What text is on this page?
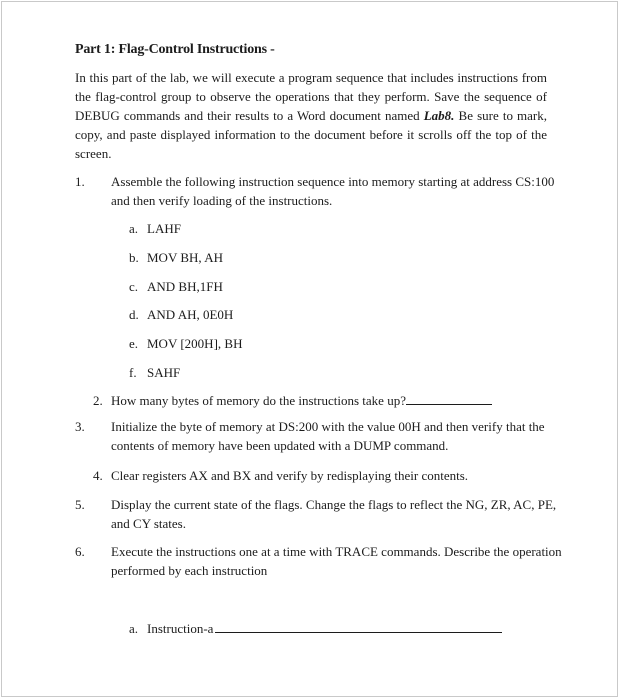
Part 1: Flag-Control Instructions -
In this part of the lab, we will execute a program sequence that includes instructions from the flag-control group to observe the operations that they perform. Save the sequence of DEBUG commands and their results to a Word document named Lab8. Be sure to mark, copy, and paste displayed information to the document before it scrolls off the top of the screen.
1. Assemble the following instruction sequence into memory starting at address CS:100 and then verify loading of the instructions.
a. LAHF
b. MOV BH, AH
c. AND BH,1FH
d. AND AH, 0E0H
e. MOV [200H], BH
f. SAHF
2. How many bytes of memory do the instructions take up?
3. Initialize the byte of memory at DS:200 with the value 00H and then verify that the contents of memory have been updated with a DUMP command.
4. Clear registers AX and BX and verify by redisplaying their contents.
5. Display the current state of the flags. Change the flags to reflect the NG, ZR, AC, PE, and CY states.
6. Execute the instructions one at a time with TRACE commands. Describe the operation performed by each instruction
a. Instruction-a
